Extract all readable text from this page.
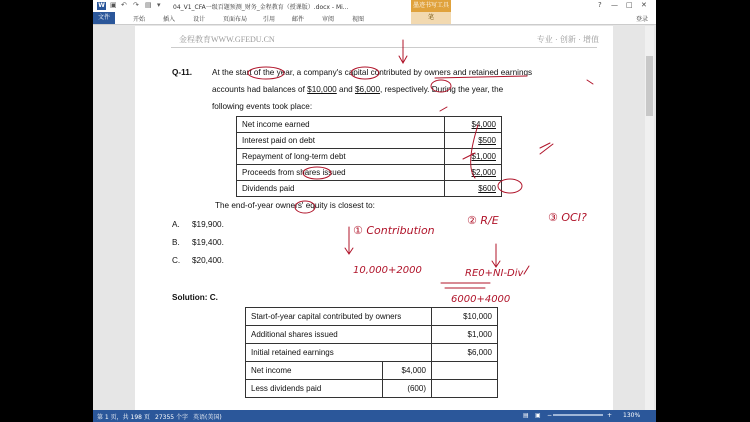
W ▣ ↶ ↷ ▤ ▾ 04_V1_CFA一级百题预测_财务_金程教育（授课版）.docx - Mi...	墨迹书写工具	? — □ ✕
文件	开始	插入	设计	页面布局	引用	邮件	审阅	视图	笔	登录
金程教育WWW.GFEDU.CN	专业 · 创新 · 增值
Q-11. At the start of the year, a company's capital contributed by owners and retained earnings
accounts had balances of $10,000 and $6,000, respectively. During the year, the
following events took place:
Net income earned	$4,000
Interest paid on debt	$500
Repayment of long-term debt	$1,000
Proceeds from shares issued	$2,000
Dividends paid	$600
The end-of-year owners' equity is closest to:
A. $19,900.
B. $19,400.
C. $20,400.
Solution: C.
Start-of-year capital contributed by owners		$10,000
Additional shares issued		$1,000
Initial retained earnings		$6,000
Net income	$4,000	
Less dividends paid	(600)	
① Contribution
10,000+2000
② R/E
RE0+NI-Div
6000+4000
③ OCI?
第 1 页，共 198 页 27355 个字 英语(美国)	▤ ▣ −	+ 130%
